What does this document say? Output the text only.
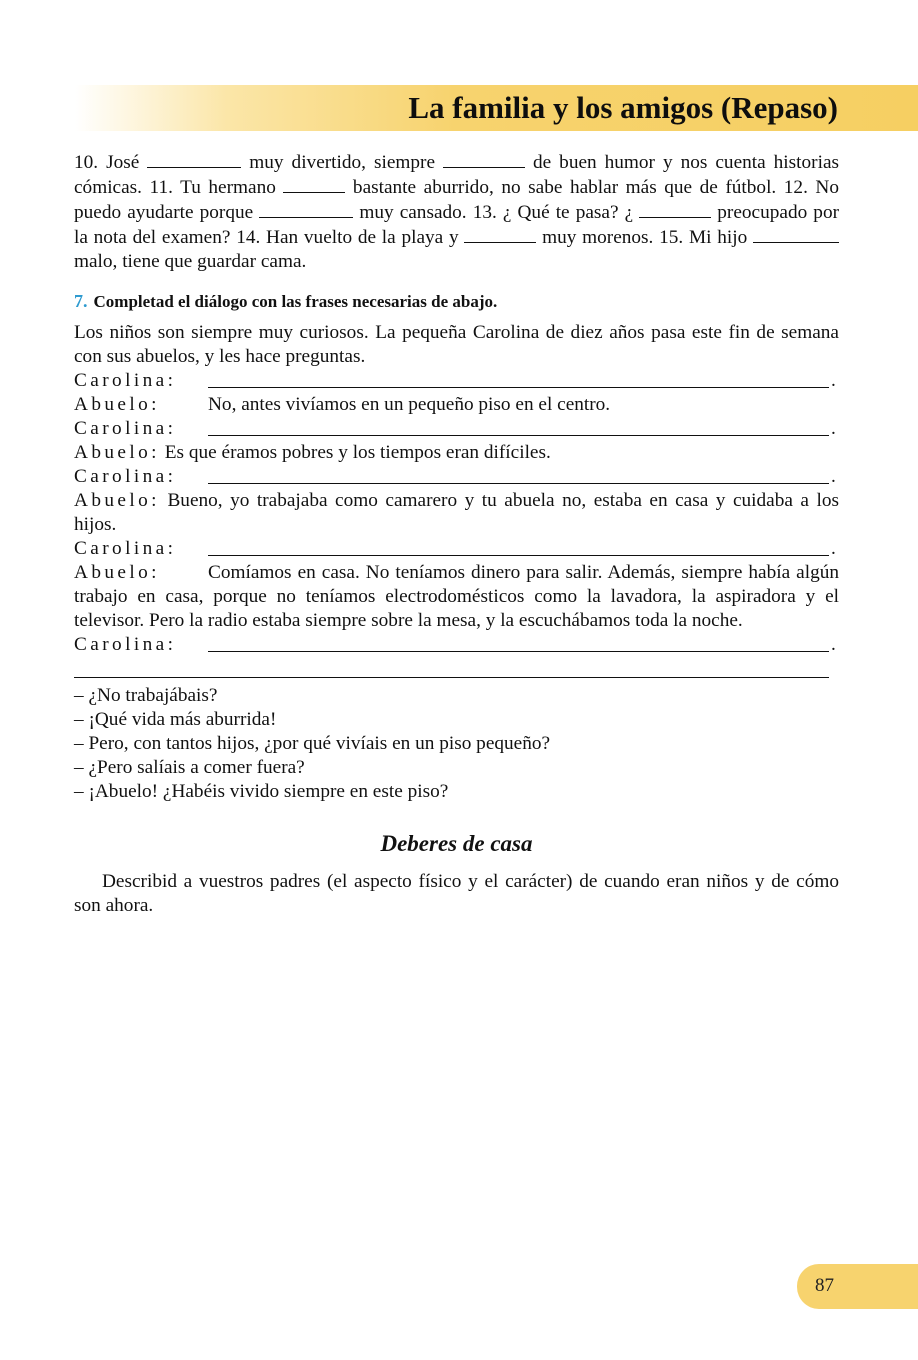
La familia y los amigos (Repaso)

10. José	muy divertido, siempre	de buen humor y nos cuenta historias cómicas. 11. Tu hermano	bastante aburrido, no sabe hablar más que de fútbol. 12. No puedo ayudarte porque	muy cansado. 13. ¿ Qué te pasa? ¿	preocupado por la nota del examen? 14. Han vuelto de la playa y	muy morenos. 15. Mi hijo  malo, tiene que guardar cama.

7. Completad el diálogo con las frases necesarias de abajo.

Los niños son siempre muy curiosos. La pequeña Carolina de diez años pasa este fin de semana con sus abuelos, y les hace preguntas.

Carolina:	.
Abuelo:	No, antes vivíamos en un pequeño piso en el centro.
Carolina:	.

Abuelo: Es que éramos pobres y los tiempos eran difíciles.

Carolina:	.

Abuelo: Bueno, yo trabajaba como camarero y tu abuela no, estaba en casa y cuidaba a los hijos.

Carolina:	.

Abuelo: Comíamos en casa. No teníamos dinero para salir. Además, siempre había algún trabajo en casa, porque no teníamos electrodomésticos como la lavadora, la aspiradora y el televisor. Pero la radio estaba siempre sobre la mesa, y la escuchábamos toda la noche.

Carolina:	.

– ¿No trabajábais?

– ¡Qué vida más aburrida!

– Pero, con tantos hijos, ¿por qué vivíais en un piso pequeño?

– ¿Pero salíais a comer fuera?

– ¡Abuelo! ¿Habéis vivido siempre en este piso?

Deberes de casa

Describid a vuestros padres (el aspecto físico y el carácter) de cuando eran niños y de cómo son ahora.

87
